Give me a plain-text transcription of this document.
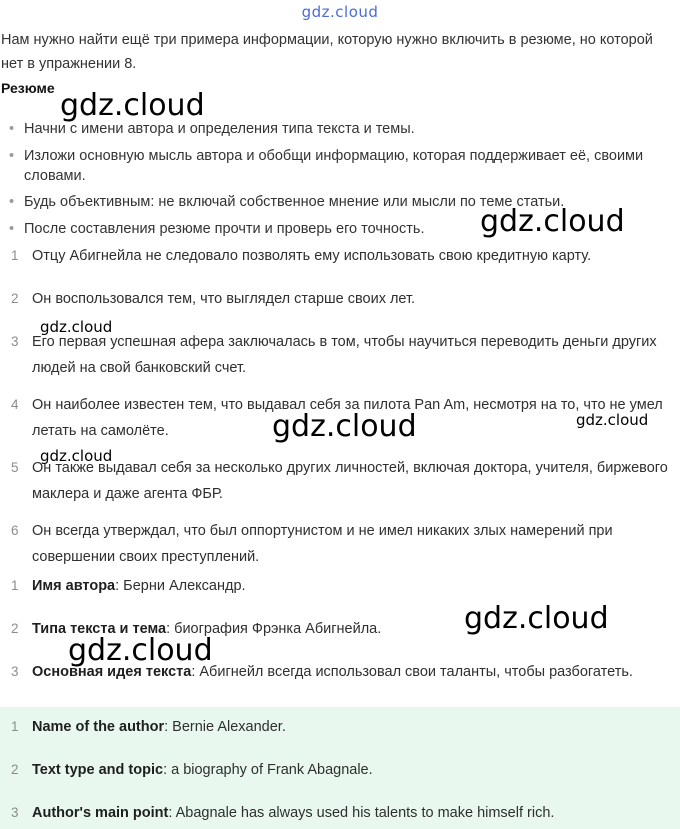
gdz.cloud
Нам нужно найти ещё три примера информации, которую нужно включить в резюме, но которой нет в упражнении 8.
Резюме
• Начни с имени автора и определения типа текста и темы.
• Изложи основную мысль автора и обобщи информацию, которая поддерживает её, своими словами.
• Будь объективным: не включай собственное мнение или мысли по теме статьи.
• После составления резюме прочти и проверь его точность.
1 Отцу Абигнейла не следовало позволять ему использовать свою кредитную карту.
2 Он воспользовался тем, что выглядел старше своих лет.
3 Его первая успешная афера заключалась в том, чтобы научиться переводить деньги других людей на свой банковский счет.
4 Он наиболее известен тем, что выдавал себя за пилота Pan Am, несмотря на то, что не умел летать на самолёте.
5 Он также выдавал себя за несколько других личностей, включая доктора, учителя, биржевого маклера и даже агента ФБР.
6 Он всегда утверждал, что был оппортунистом и не имел никаких злых намерений при совершении своих преступлений.
1 Имя автора: Берни Александр.
2 Типа текста и тема: биография Фрэнка Абигнейла.
3 Основная идея текста: Абигнейл всегда использовал свои таланты, чтобы разбогатеть.
1 Name of the author: Bernie Alexander.
2 Text type and topic: a biography of Frank Abagnale.
3 Author's main point: Abagnale has always used his talents to make himself rich.
gdz.cloud
gdz.cloud
gdz.cloud
gdz.cloud	gdz.cloud
gdz.cloud
gdz.cloud
gdz.cloud
